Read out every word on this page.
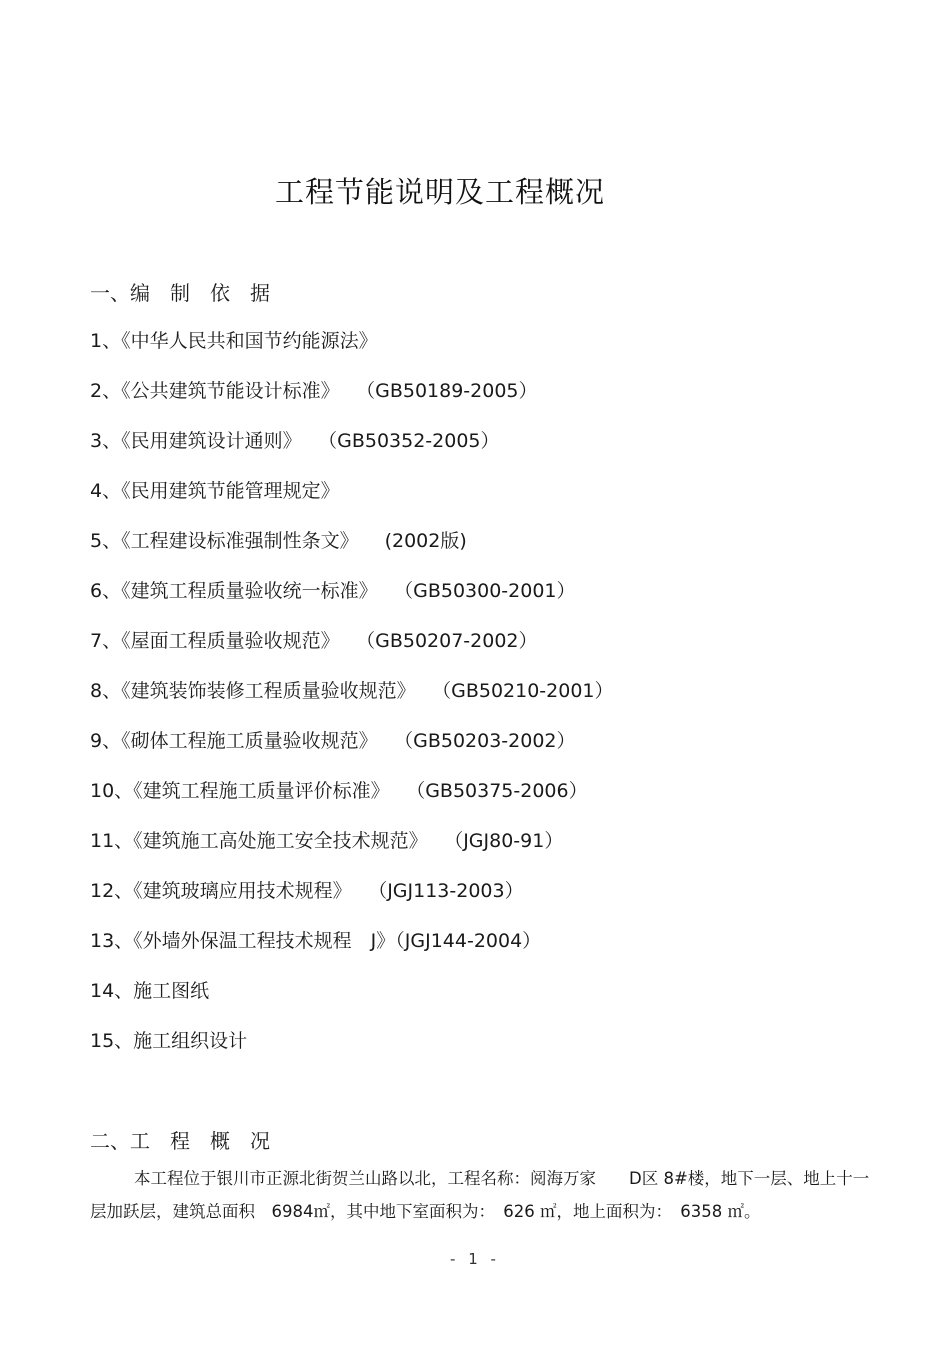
工程节能说明及工程概况
一、编　制　依　据
1、《中华人民共和国节约能源法》
2、《公共建筑节能设计标准》 （GB50189-2005）
3、《民用建筑设计通则》 （GB50352-2005）
4、《民用建筑节能管理规定》
5、《工程建设标准强制性条文》 (2002版)
6、《建筑工程质量验收统一标准》 （GB50300-2001）
7、《屋面工程质量验收规范》 （GB50207-2002）
8、《建筑装饰装修工程质量验收规范》 （GB50210-2001）
9、《砌体工程施工质量验收规范》 （GB50203-2002）
10、《建筑工程施工质量评价标准》 （GB50375-2006）
11、《建筑施工高处施工安全技术规范》 （JGJ80-91）
12、《建筑玻璃应用技术规程》 （JGJ113-2003）
13、《外墙外保温工程技术规程　J》（JGJ144-2004）
14、施工图纸
15、施工组织设计
二、工　程　概　况

本工程位于银川市正源北街贺兰山路以北，工程名称：阅海万家　　D区 8#楼，地下一层、地上十一层加跃层，建筑总面积　6984㎡，其中地下室面积为：　626 ㎡，地上面积为：　6358 ㎡。

- 1 -
